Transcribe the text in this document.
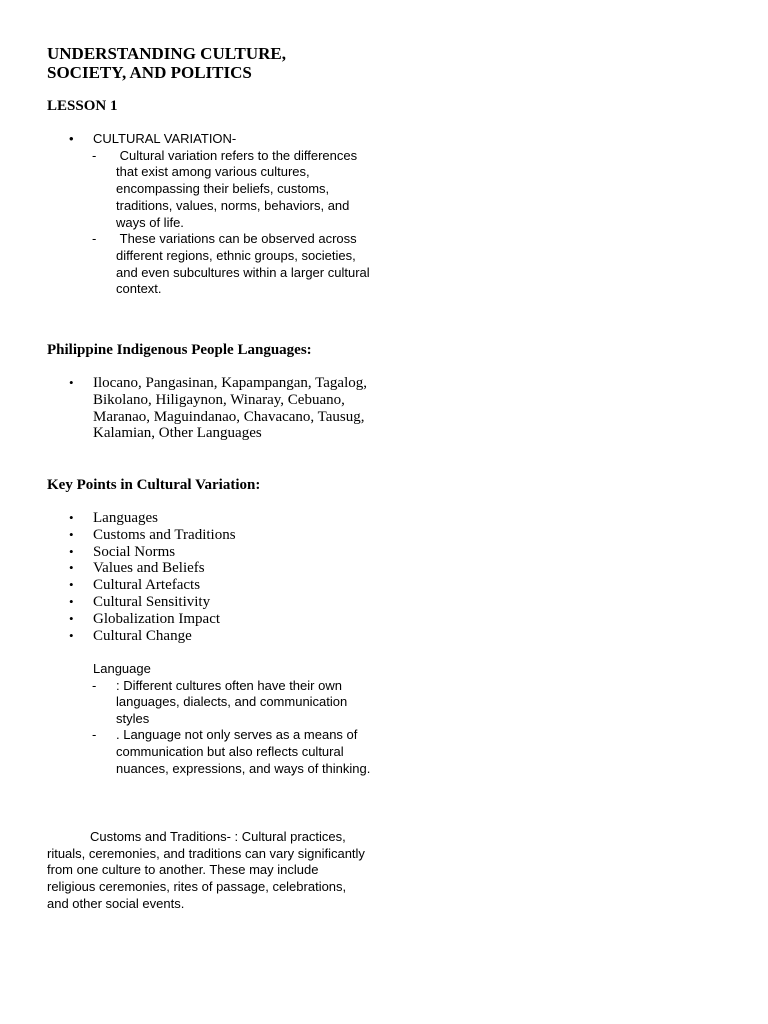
UNDERSTANDING CULTURE,
SOCIETY, AND POLITICS
LESSON 1
• CULTURAL VARIATION-
- Cultural variation refers to the differences that exist among various cultures, encompassing their beliefs, customs, traditions, values, norms, behaviors, and ways of life.
- These variations can be observed across different regions, ethnic groups, societies, and even subcultures within a larger cultural context.
Philippine Indigenous People Languages:
• Ilocano, Pangasinan, Kapampangan, Tagalog, Bikolano, Hiligaynon, Winaray, Cebuano, Maranao, Maguindanao, Chavacano, Tausug, Kalamian, Other Languages
Key Points in Cultural Variation:
• Languages
• Customs and Traditions
• Social Norms
• Values and Beliefs
• Cultural Artefacts
• Cultural Sensitivity
• Globalization Impact
• Cultural Change
Language
- : Different cultures often have their own languages, dialects, and communication styles
- . Language not only serves as a means of communication but also reflects cultural nuances, expressions, and ways of thinking.

Customs and Traditions- : Cultural practices, rituals, ceremonies, and traditions can vary significantly from one culture to another. These may include religious ceremonies, rites of passage, celebrations, and other social events.
